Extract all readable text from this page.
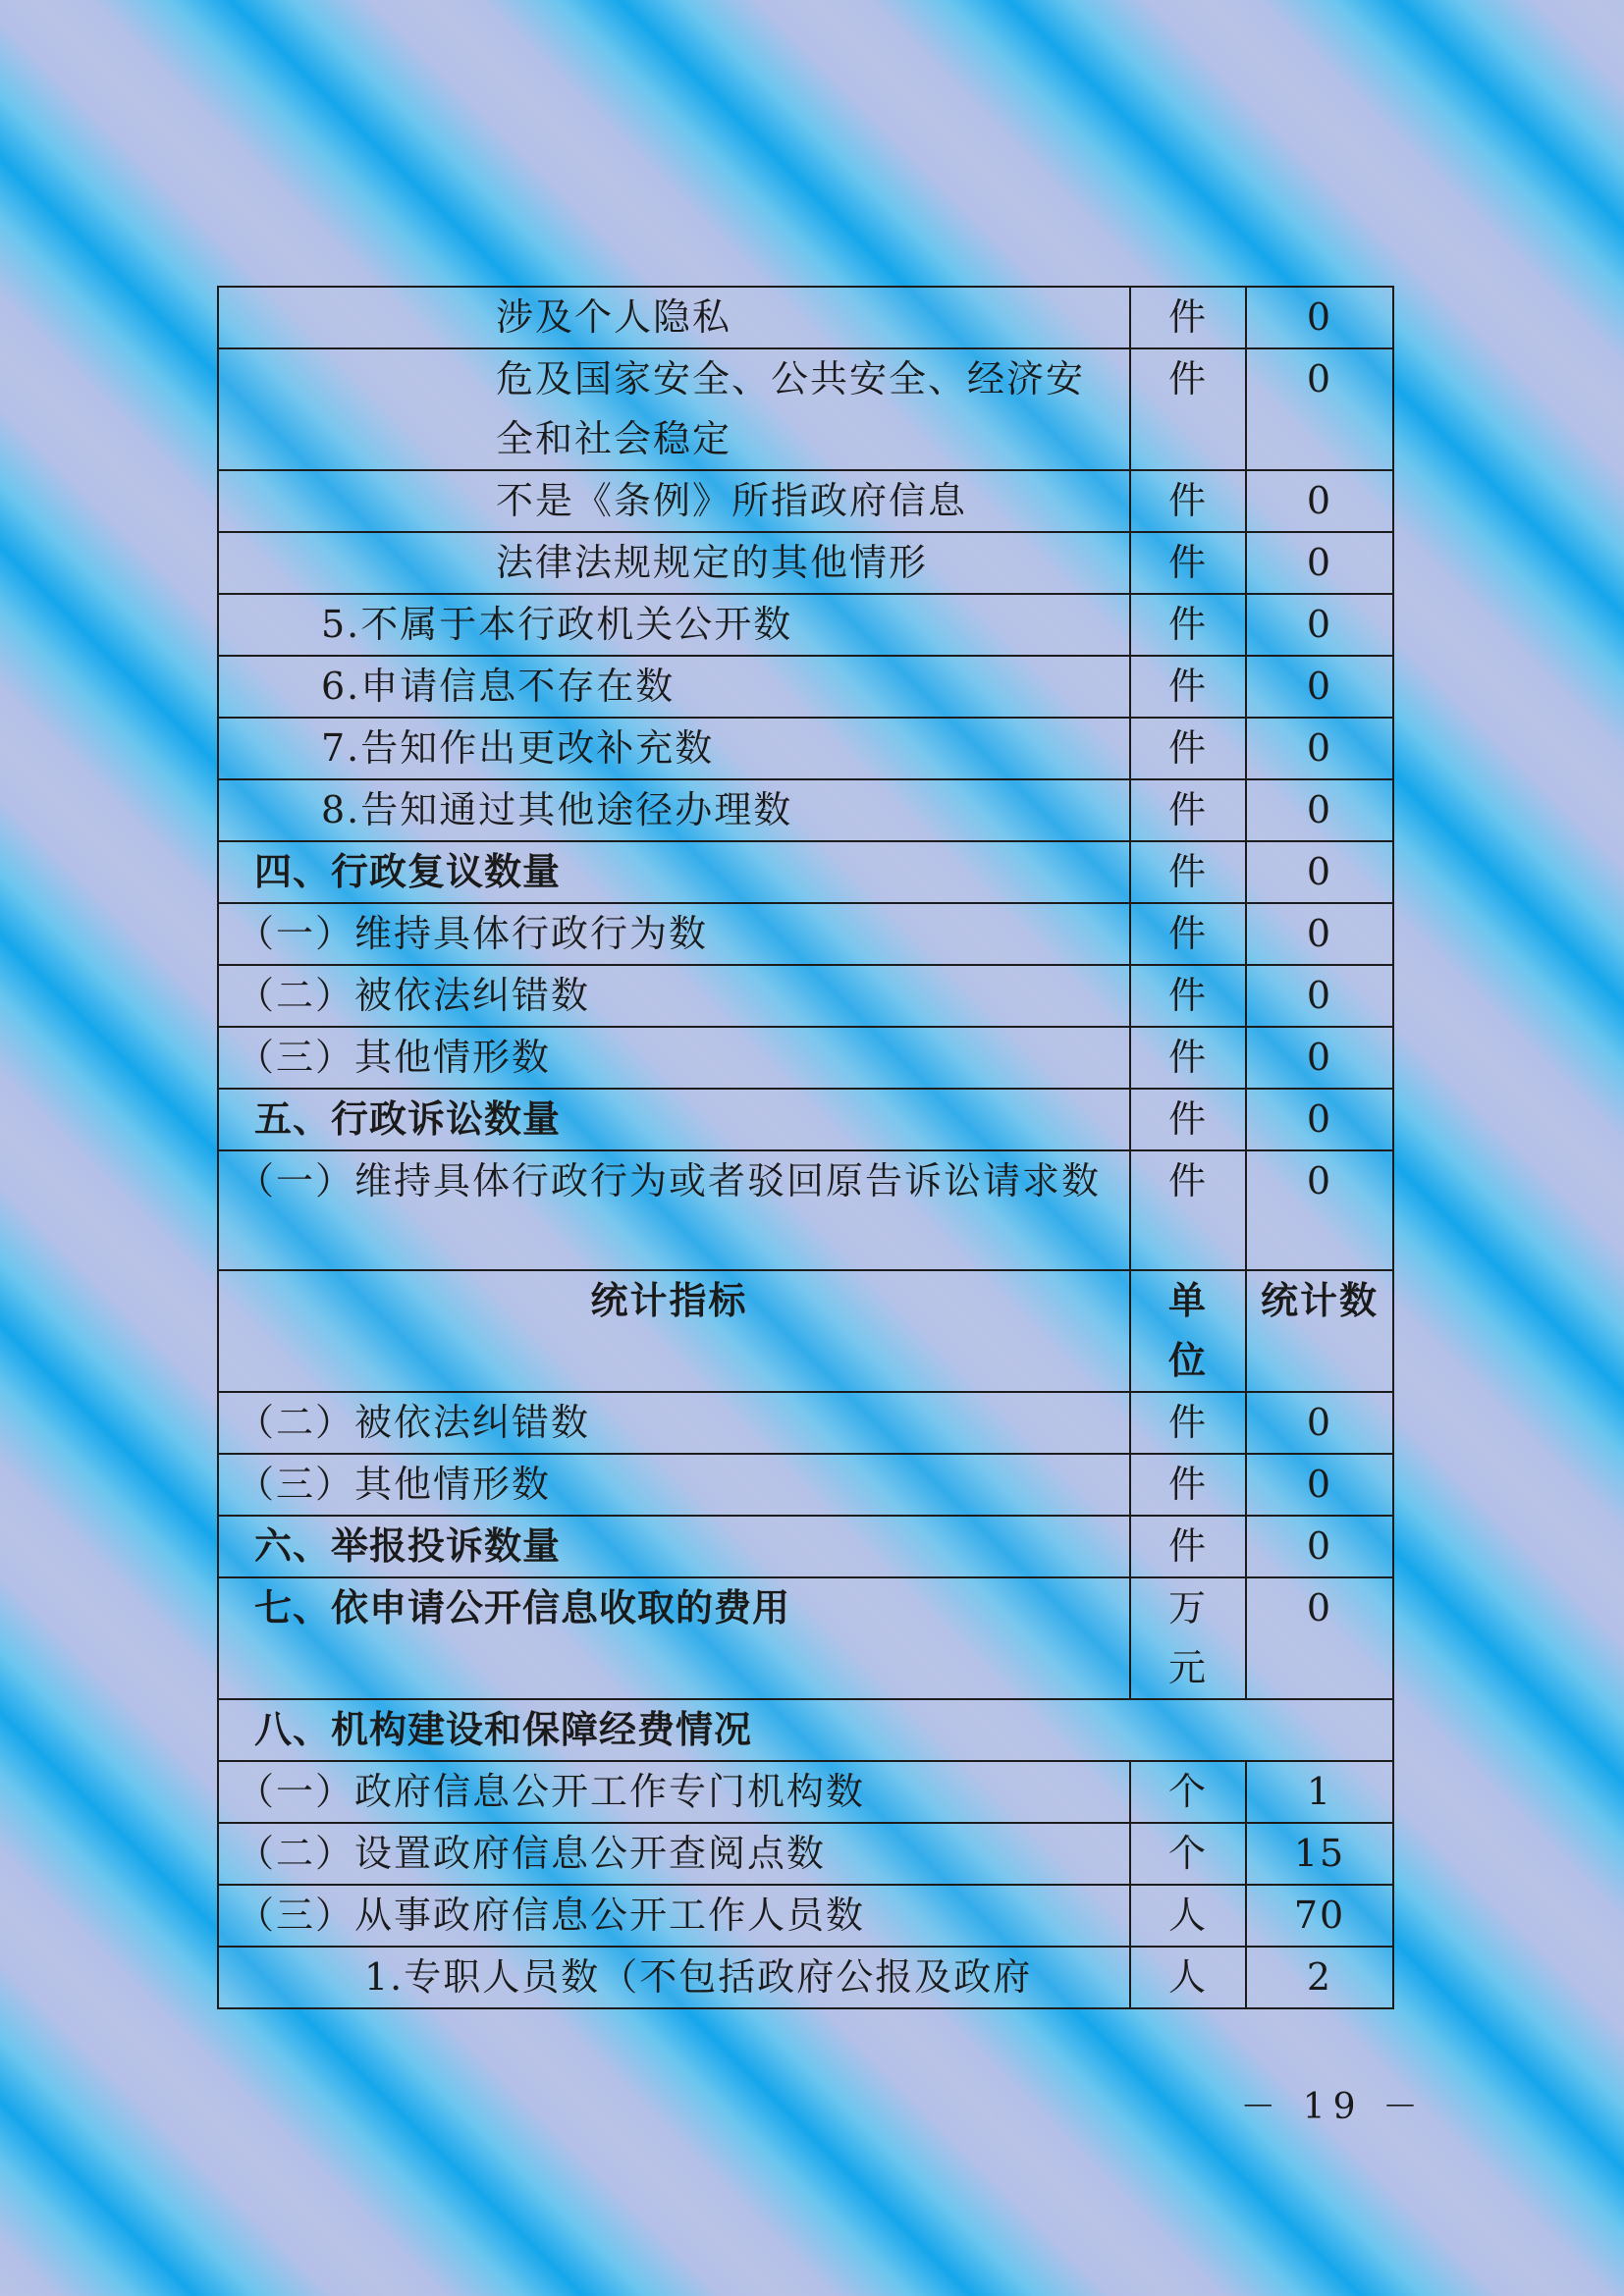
涉及个人隐私	件	0
危及国家安全、公共安全、经济安全和社会稳定	件	0
不是《条例》所指政府信息	件	0
法律法规规定的其他情形	件	0
5.不属于本行政机关公开数	件	0
6.申请信息不存在数	件	0
7.告知作出更改补充数	件	0
8.告知通过其他途径办理数	件	0
四、行政复议数量	件	0
（一）维持具体行政行为数	件	0
（二）被依法纠错数	件	0
（三）其他情形数	件	0
五、行政诉讼数量	件	0
（一）维持具体行政行为或者驳回原告诉讼请求数	件	0
统计指标	单位	统计数
（二）被依法纠错数	件	0
（三）其他情形数	件	0
六、举报投诉数量	件	0
七、依申请公开信息收取的费用	万元	0
八、机构建设和保障经费情况		
（一）政府信息公开工作专门机构数	个	1
（二）设置政府信息公开查阅点数	个	15
（三）从事政府信息公开工作人员数	人	70
1.专职人员数（不包括政府公报及政府	人	2
－ 19 －
